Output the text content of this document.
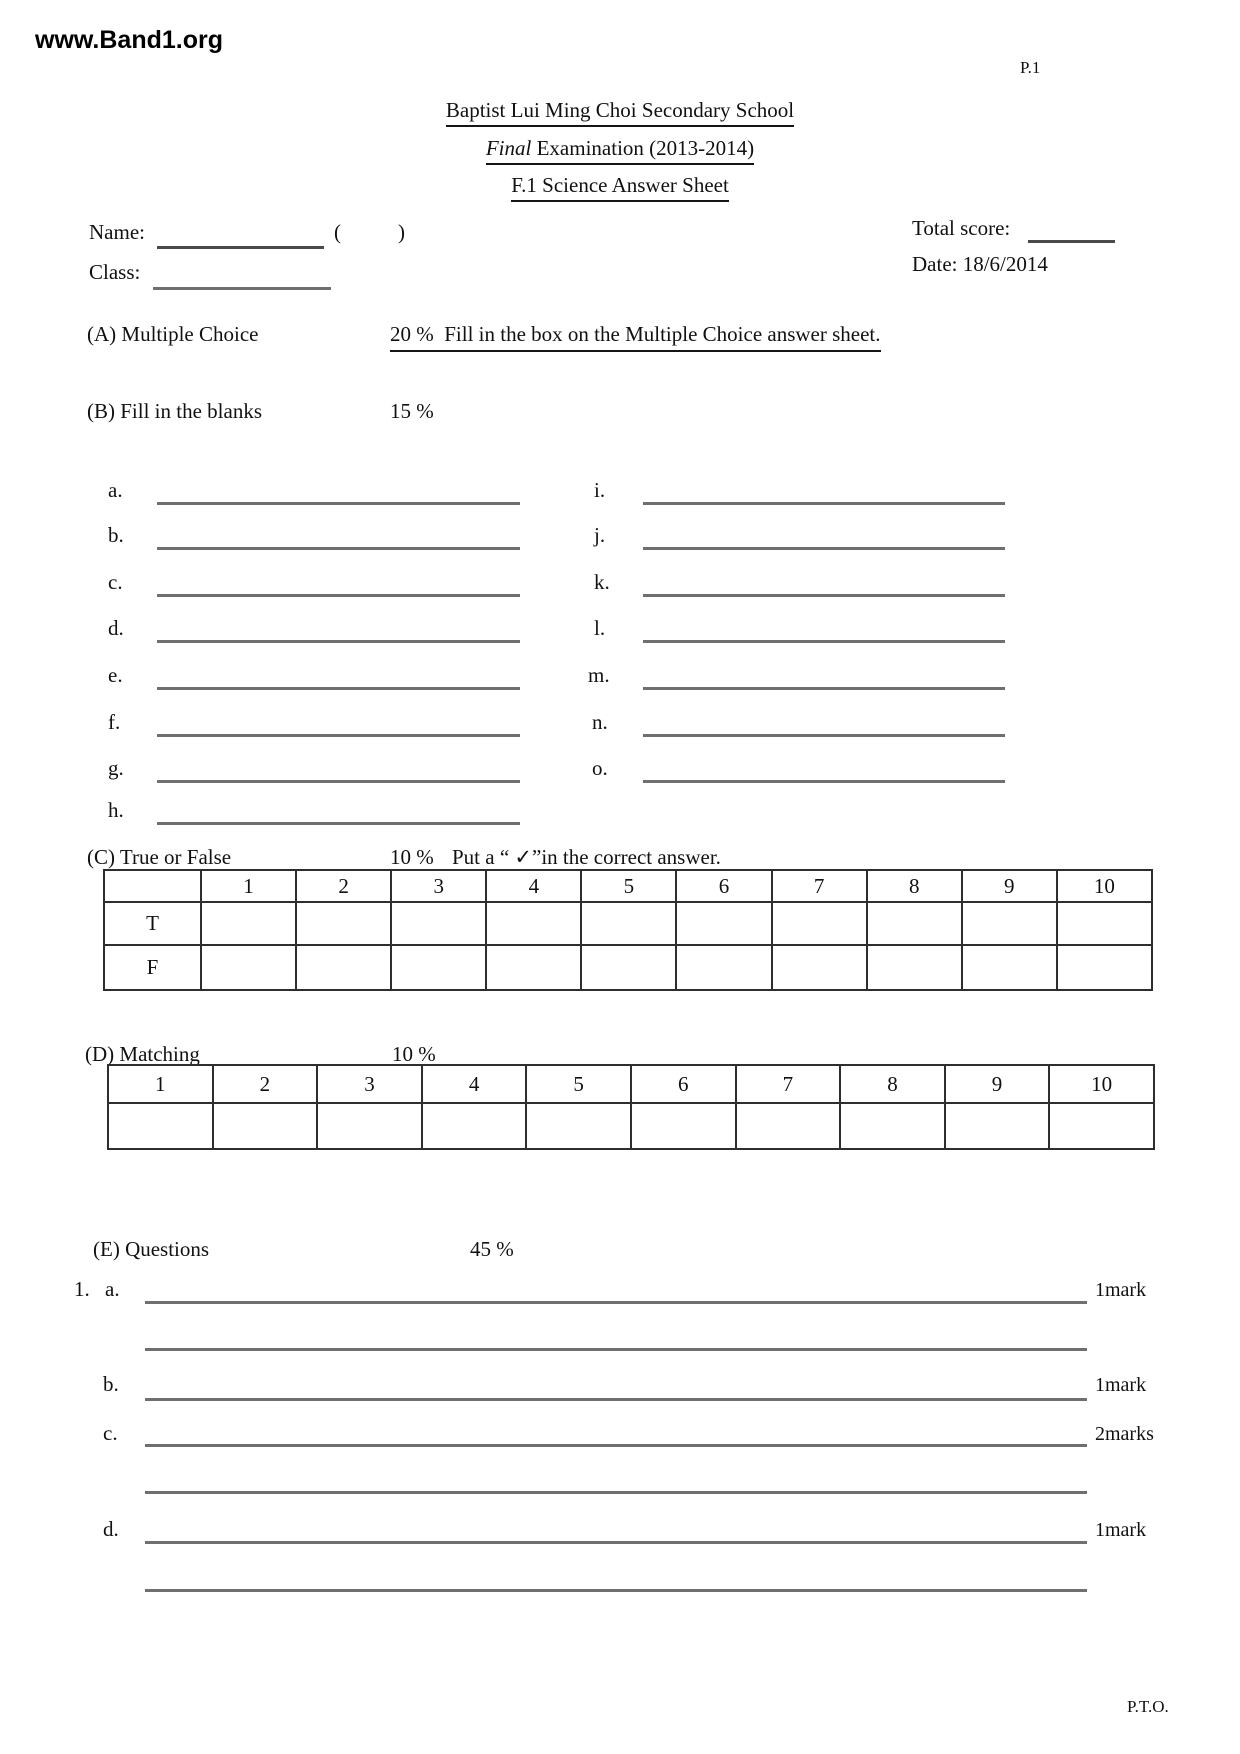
www.Band1.org
P.1
Baptist Lui Ming Choi Secondary School
Final Examination (2013-2014)
F.1 Science Answer Sheet
Name:	(	)
Class:
Total score:
Date: 18/6/2014
(A) Multiple Choice	20 %  Fill in the box on the Multiple Choice answer sheet.
(B) Fill in the blanks	15 %
a.
b.
c.
d.
e.
f.
g.
h.
i.
j.
k.
l.
m.
n.
o.
(C) True or False	10 % Put a “ ✓”in the correct answer.
	1	2	3	4	5	6	7	8	9	10
T										
F										
(D) Matching	10 %
1	2	3	4	5	6	7	8	9	10

(E) Questions	45 %
1. a.	1mark
b.	1mark
c.	2marks
d.	1mark
P.T.O.
